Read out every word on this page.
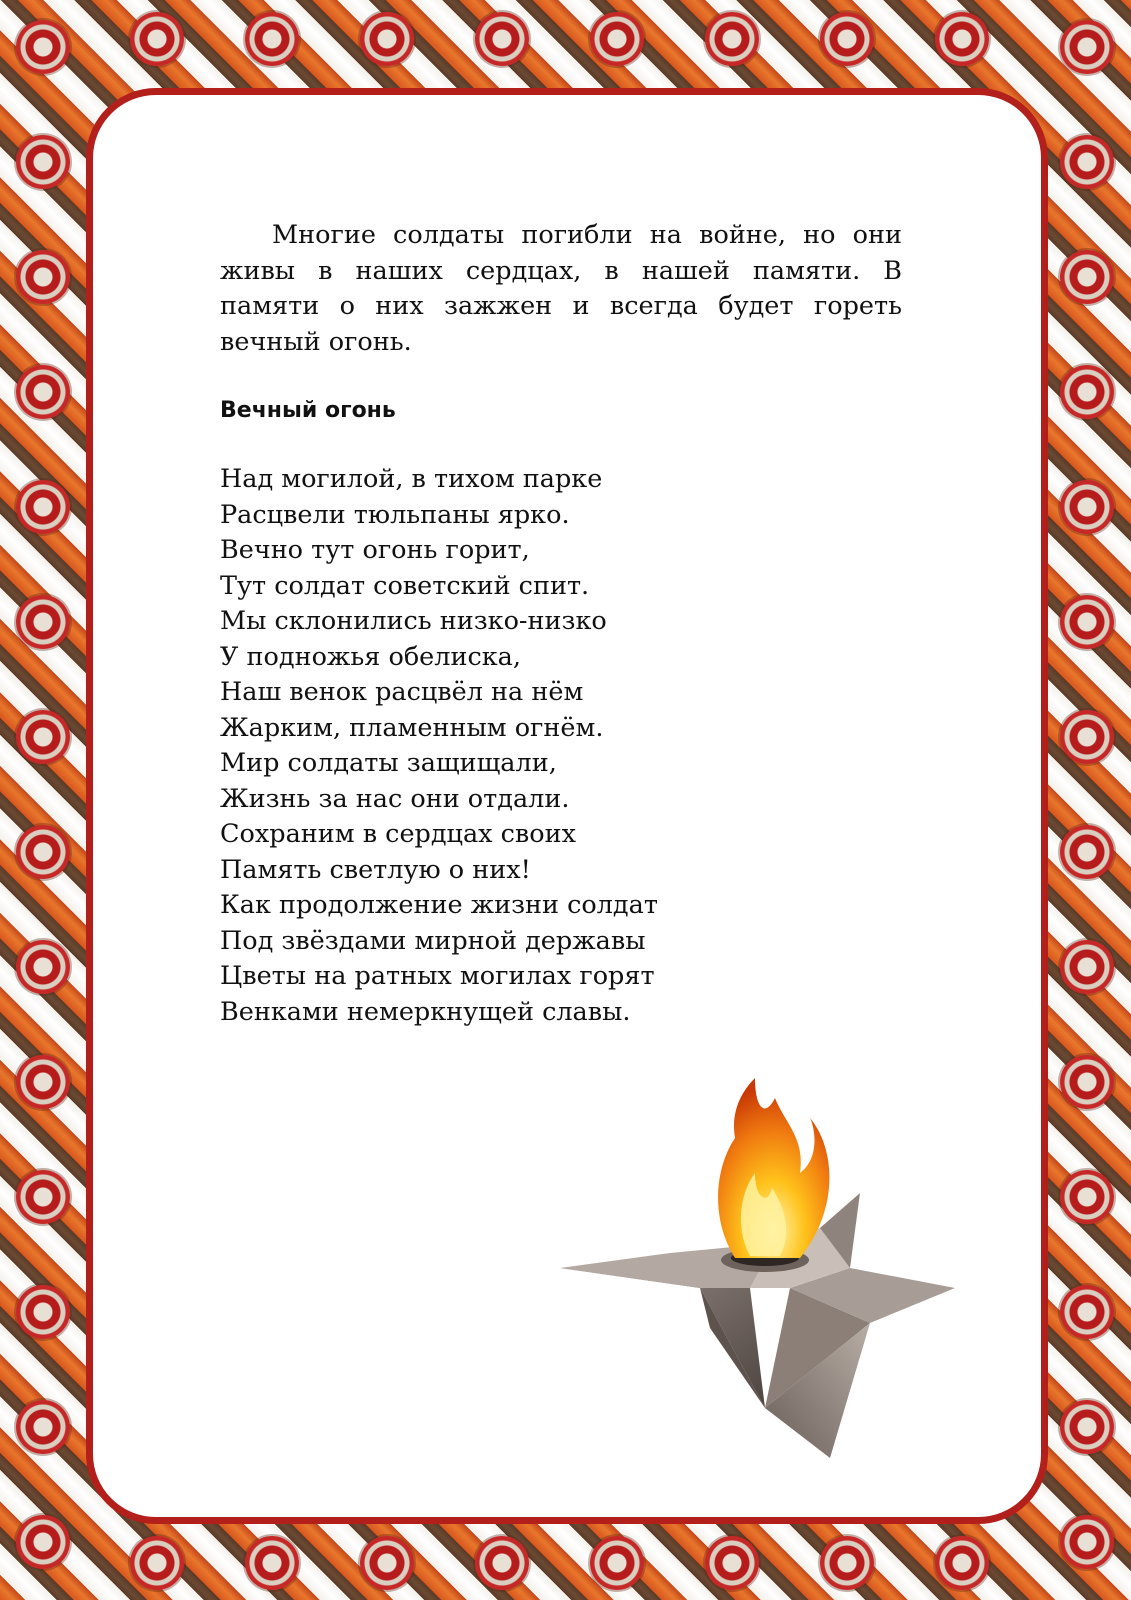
Многие солдаты погибли на войне, но они живы в наших сердцах, в нашей памяти. В памяти о них зажжен и всегда будет гореть вечный огонь.

Вечный огонь
Над могилой, в тихом парке
Расцвели тюльпаны ярко.
Вечно тут огонь горит,
Тут солдат советский спит.
Мы склонились низко-низко
У подножья обелиска,
Наш венок расцвёл на нём
Жарким, пламенным огнём.
Мир солдаты защищали,
Жизнь за нас они отдали.
Сохраним в сердцах своих
Память светлую о них!
Как продолжение жизни солдат
Под звёздами мирной державы
Цветы на ратных могилах горят
Венками немеркнущей славы.
